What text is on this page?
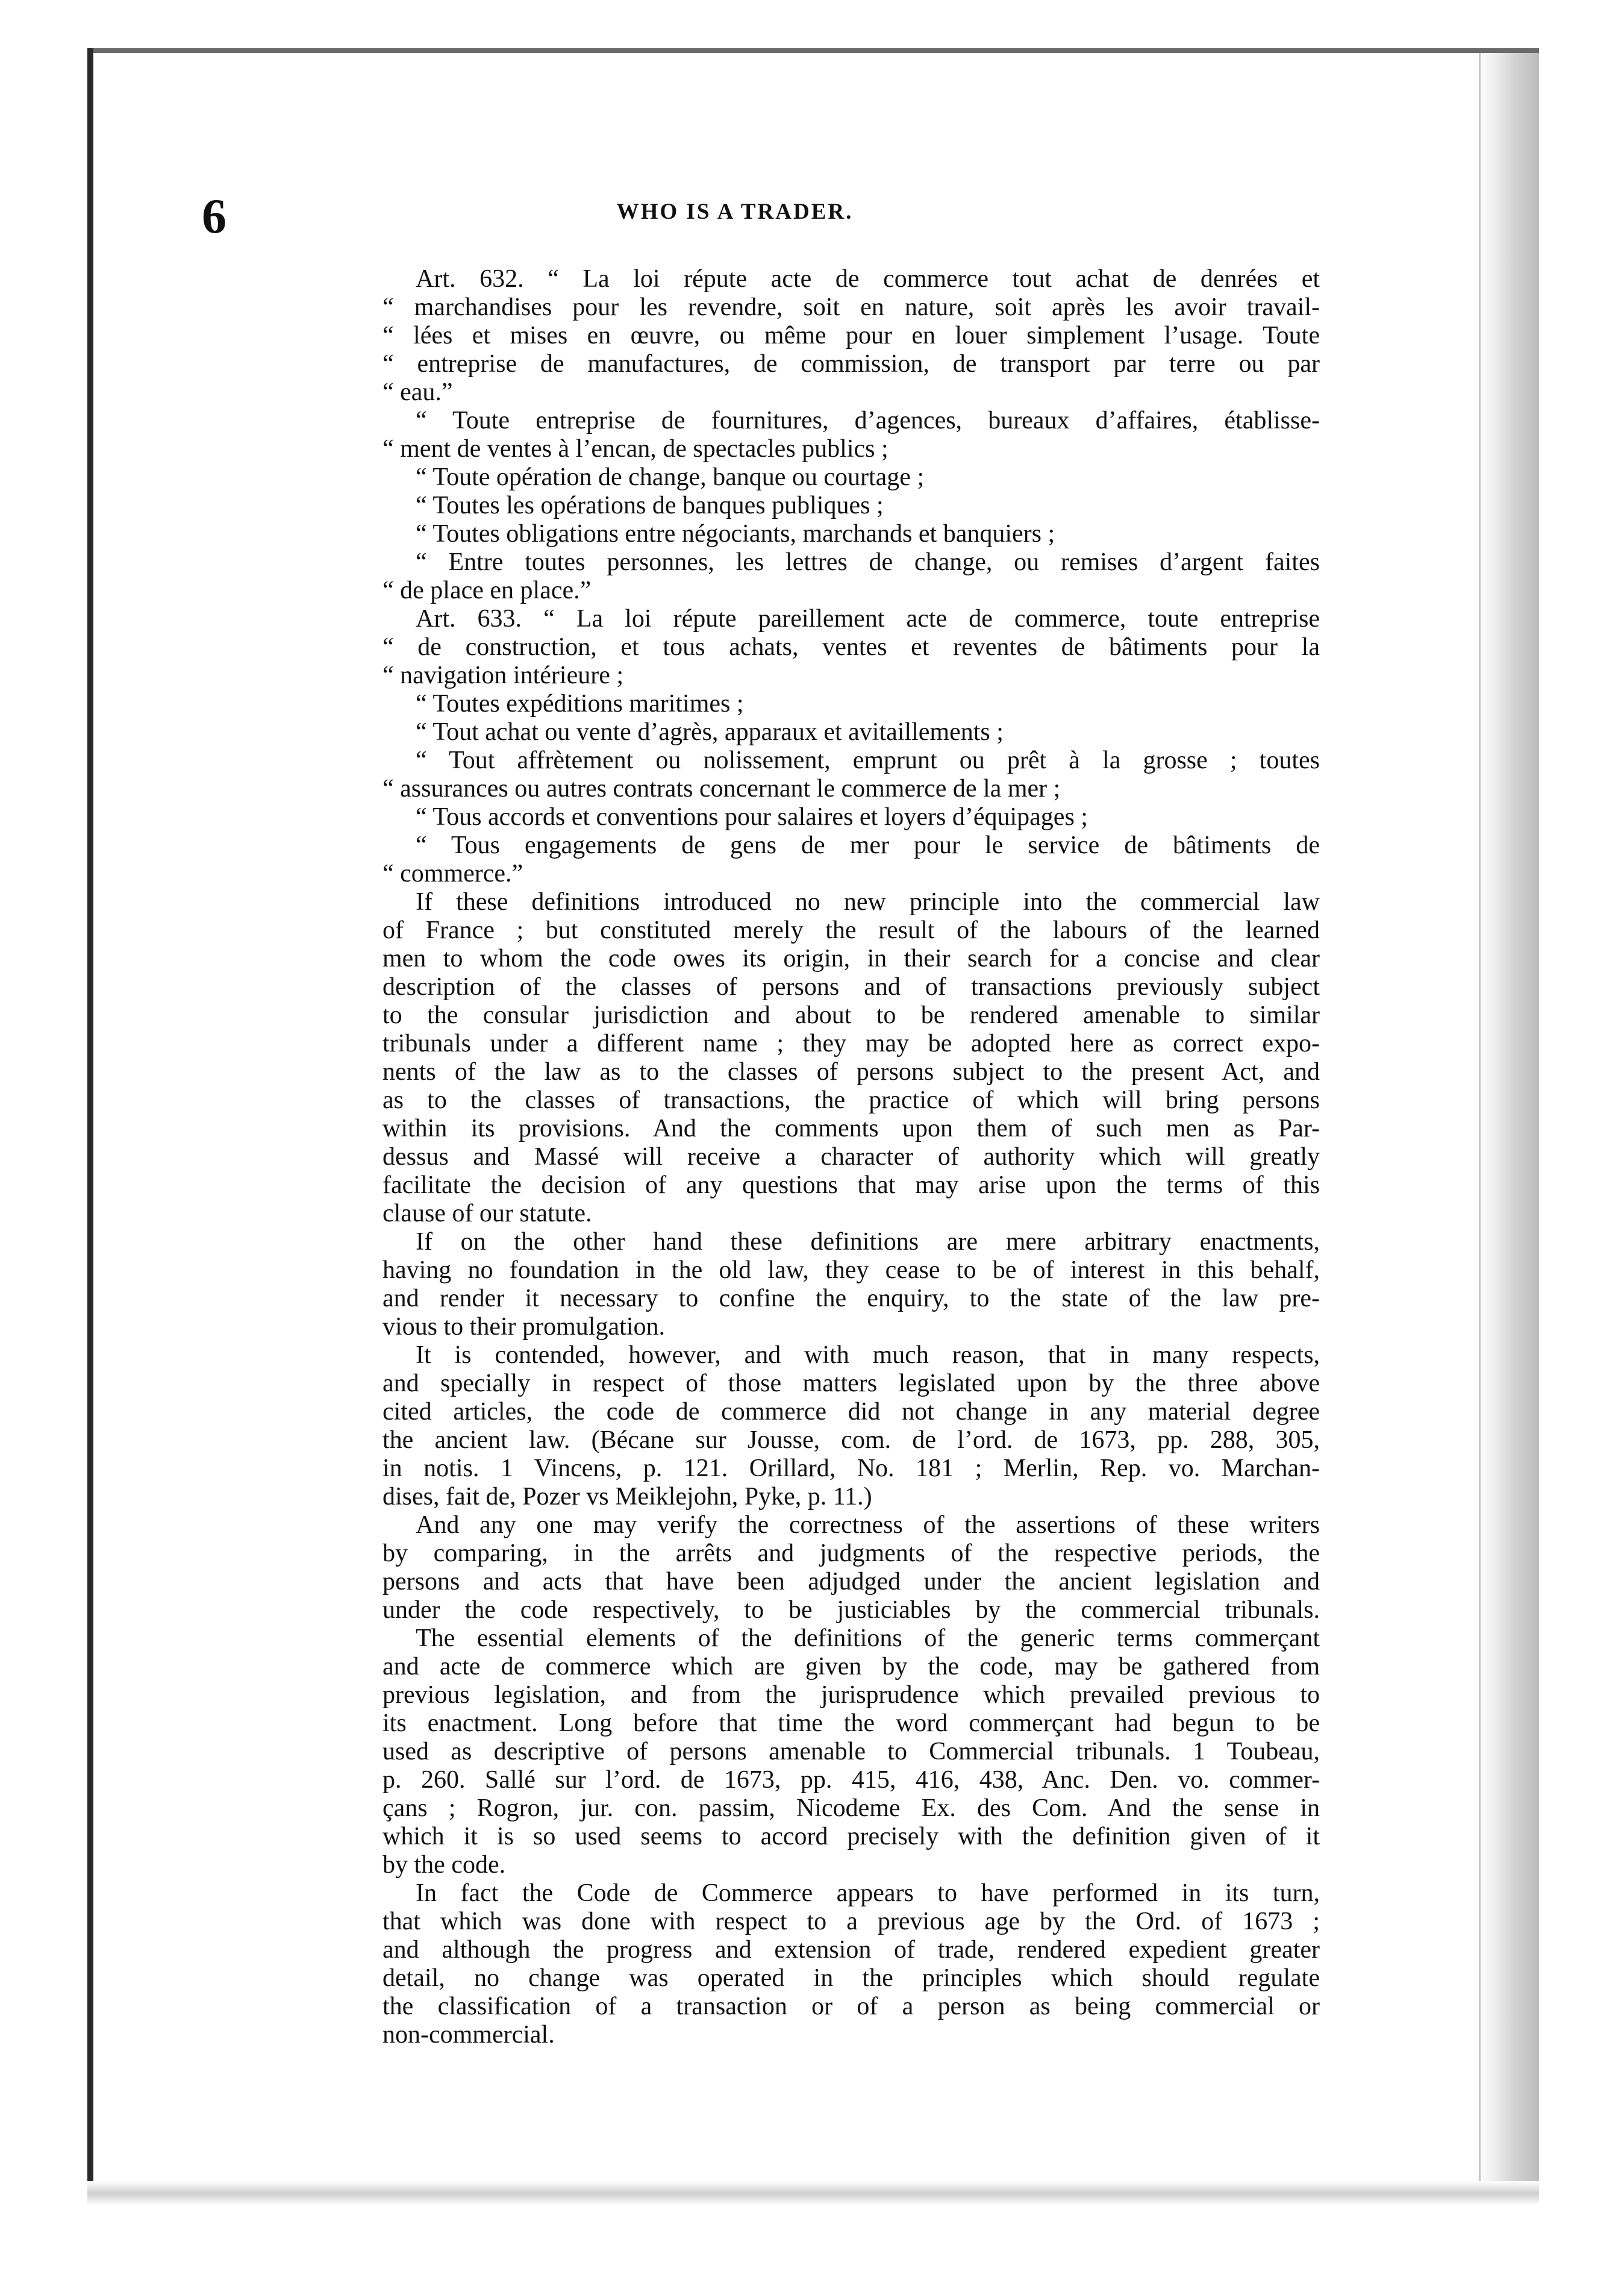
6	WHO IS A TRADER.
Art. 632. “ La loi répute acte de commerce tout achat de denrées et
“ marchandises pour les revendre, soit en nature, soit après les avoir travail-
“ lées et mises en œuvre, ou même pour en louer simplement l’usage. Toute
“ entreprise de manufactures, de commission, de transport par terre ou par
“ eau.”
“ Toute entreprise de fournitures, d’agences, bureaux d’affaires, établisse-
“ ment de ventes à l’encan, de spectacles publics ;
“ Toute opération de change, banque ou courtage ;
“ Toutes les opérations de banques publiques ;
“ Toutes obligations entre négociants, marchands et banquiers ;
“ Entre toutes personnes, les lettres de change, ou remises d’argent faites
“ de place en place.”
Art. 633. “ La loi répute pareillement acte de commerce, toute entreprise
“ de construction, et tous achats, ventes et reventes de bâtiments pour la
“ navigation intérieure ;
“ Toutes expéditions maritimes ;
“ Tout achat ou vente d’agrès, apparaux et avitaillements ;
“ Tout affrètement ou nolissement, emprunt ou prêt à la grosse ; toutes
“ assurances ou autres contrats concernant le commerce de la mer ;
“ Tous accords et conventions pour salaires et loyers d’équipages ;
“ Tous engagements de gens de mer pour le service de bâtiments de
“ commerce.”
If these definitions introduced no new principle into the commercial law
of France ; but constituted merely the result of the labours of the learned
men to whom the code owes its origin, in their search for a concise and clear
description of the classes of persons and of transactions previously subject
to the consular jurisdiction and about to be rendered amenable to similar
tribunals under a different name ; they may be adopted here as correct expo-
nents of the law as to the classes of persons subject to the present Act, and
as to the classes of transactions, the practice of which will bring persons
within its provisions. And the comments upon them of such men as Par-
dessus and Massé will receive a character of authority which will greatly
facilitate the decision of any questions that may arise upon the terms of this
clause of our statute.
If on the other hand these definitions are mere arbitrary enactments,
having no foundation in the old law, they cease to be of interest in this behalf,
and render it necessary to confine the enquiry, to the state of the law pre-
vious to their promulgation.
It is contended, however, and with much reason, that in many respects,
and specially in respect of those matters legislated upon by the three above
cited articles, the code de commerce did not change in any material degree
the ancient law. (Bécane sur Jousse, com. de l’ord. de 1673, pp. 288, 305,
in notis. 1 Vincens, p. 121. Orillard, No. 181 ; Merlin, Rep. vo. Marchan-
dises, fait de, Pozer vs Meiklejohn, Pyke, p. 11.)
And any one may verify the correctness of the assertions of these writers
by comparing, in the arrêts and judgments of the respective periods, the
persons and acts that have been adjudged under the ancient legislation and
under the code respectively, to be justiciables by the commercial tribunals.
The essential elements of the definitions of the generic terms commerçant
and acte de commerce which are given by the code, may be gathered from
previous legislation, and from the jurisprudence which prevailed previous to
its enactment. Long before that time the word commerçant had begun to be
used as descriptive of persons amenable to Commercial tribunals. 1 Toubeau,
p. 260. Sallé sur l’ord. de 1673, pp. 415, 416, 438, Anc. Den. vo. commer-
çans ; Rogron, jur. con. passim, Nicodeme Ex. des Com. And the sense in
which it is so used seems to accord precisely with the definition given of it
by the code.
In fact the Code de Commerce appears to have performed in its turn,
that which was done with respect to a previous age by the Ord. of 1673 ;
and although the progress and extension of trade, rendered expedient greater
detail, no change was operated in the principles which should regulate
the classification of a transaction or of a person as being commercial or
non-commercial.
